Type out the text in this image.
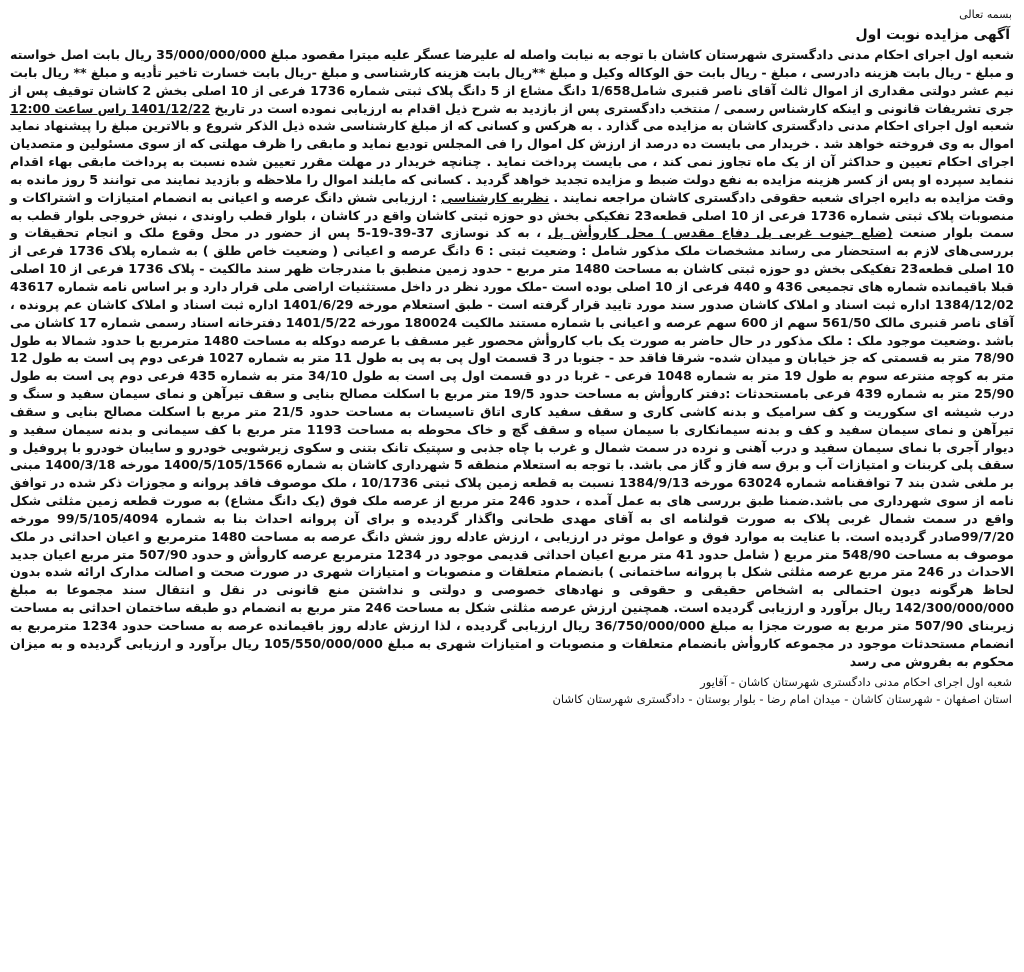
بسمه تعالی
آگهی مزایده نوبت اول
شعبه اول اجرای احکام مدنی دادگستری شهرستان کاشان با توجه به نیابت واصله له علیرضا عسگر علیه میترا مقصود مبلغ 35/000/000/000 ریال بابت اصل خواسته و مبلغ - ریال بابت هزینه دادرسی ، مبلغ - ریال بابت حق الوکاله وکیل و مبلغ **ریال بابت هزینه کارشناسی و مبلغ -ریال بابت خسارت تاخیر تأدیه و مبلغ ** ریال بابت نیم عشر دولتی مقداری از اموال ثالث آقای ناصر قنبری شامل1/658 دانگ مشاع از 5 دانگ پلاک ثبتی شماره 1736 فرعی از 10 اصلی بخش 2 کاشان توقیف پس از جری تشریفات قانونی و اینکه کارشناس رسمی / منتخب دادگستری پس از بازدید به شرح ذیل اقدام به ارزیابی نموده است در تاریخ 1401/12/22 راس ساعت 12:00 شعبه اول اجرای احکام مدنی دادگستری کاشان به مزایده می گذارد . به هرکس و کسانی که از مبلغ کارشناسی شده ذیل الذکر شروع و بالاترین مبلغ را پیشنهاد نماید اموال به وی فروخته خواهد شد . خریدار می بایست ده درصد از ارزش کل اموال را فی المجلس تودیع نماید و مابقی را ظرف مهلتی که از سوی مسئولین و متصدیان اجرای احکام تعیین و حداکثر آن از یک ماه تجاوز نمی کند ، می بایست پرداخت نماید . چنانچه خریدار در مهلت مقرر تعیین شده نسبت به پرداخت مابقی بهاء اقدام ننماید سپرده او پس از کسر هزینه مزایده به نفع دولت ضبط و مزایده تجدید خواهد گردید . کسانی که مایلند اموال را ملاحظه و بازدید نمایند می توانند 5 روز مانده به وقت مزایده به دایره اجرای شعبه حقوقی دادگستری کاشان مراجعه نمایند . نظریه کارشناسی : ارزیابی شش دانگ عرصه و اعیانی به انضمام امتیازات و اشتراکات و منصوبات پلاک ثبتی شماره 1736 فرعی از 10 اصلی قطعه23 تفکیکی بخش دو حوزه ثبتی کاشان واقع در کاشان ، بلوار قطب راوندی ، نبش خروجی بلوار قطب به سمت بلوار صنعت (ضلع جنوب غربی پل دفاع مقدس ) محل کاروأش پل ، به کد نوسازی 37-39-19-5 پس از حضور در محل وقوع ملک و انجام تحقیقات و بررسی‌های لازم به استحضار می رساند مشخصات ملک مذکور شامل : وضعیت ثبتی : 6 دانگ عرصه و اعیانی ( وضعیت خاص طلق ) به شماره پلاک 1736 فرعی از 10 اصلی قطعه23 تفکیکی بخش دو حوزه ثبتی کاشان به مساحت 1480 متر مربع - حدود زمین منطبق با مندرجات ظهر سند مالکیت - پلاک 1736 فرعی از 10 اصلی قبلا باقیمانده شماره های تجمیعی 436 و 440 فرعی از 10 اصلی بوده است -ملک مورد نظر در داخل مستثنیات اراضی ملی قرار دارد و بر اساس نامه شماره 43617 1384/12/02 اداره ثبت اسناد و املاک کاشان صدور سند مورد تایید قرار گرفته است - طبق استعلام مورخه 1401/6/29 اداره ثبت اسناد و املاک کاشان عم پرونده ، آقای ناصر قنبری مالک 561/50 سهم از 600 سهم عرصه و اعیانی با شماره مستند مالکیت 180024 مورخه 1401/5/22 دفترخانه اسناد رسمی شماره 17 کاشان می باشد .وضعیت موجود ملک : ملک مذکور در حال حاضر به صورت یک باب کاروأش محصور غیر مسقف با عرصه دوکله به مساحت 1480 مترمربع با حدود شمالا به طول 78/90 متر به قسمتی که جز خیابان و میدان شده- شرقا فاقد حد - جنوبا در 3 قسمت اول پی به پی به طول 11 متر به شماره 1027 فرعی دوم پی است به طول 12 متر به کوچه منترعه سوم به طول 19 متر به شماره 1048 فرعی - غربا در دو قسمت اول پی است به طول 34/10 متر به شماره 435 فرعی دوم پی است به طول 25/90 متر به شماره 439 فرعی بامستحدثات :دفتر کاروأش به مساحت حدود 19/5 متر مربع با اسکلت مصالح بنایی و سقف تیرآهن و نمای سیمان سفید و سنگ و درب شیشه ای سکوریت و کف سرامیک و بدنه کاشی کاری و سقف سفید کاری اتاق تاسیسات به مساحت حدود 21/5 متر مربع با اسکلت مصالح بنایی و سقف تیرآهن و نمای سیمان سفید و کف و بدنه سیمانکاری با سیمان سیاه و سقف گچ و خاک محوطه به مساحت 1193 متر مربع با کف سیمانی و بدنه سیمان سفید و دیوار آجری با نمای سیمان سفید و درب آهنی و نرده در سمت شمال و غرب با چاه جذبی و سپتیک تانک بتنی و سکوی زیرشویی خودرو و سایبان خودرو با پروفیل و سقف پلی کربنات و امتیازات آب و برق سه فاز و گاز می باشد. با توجه به استعلام منطقه 5 شهرداری کاشان به شماره 1400/5/105/1566 مورخه 1400/3/18 مبنی بر ملغی شدن بند 7 توافقنامه شماره 63024 مورخه 1384/9/13 نسبت به قطعه زمین پلاک ثبتی 10/1736 ، ملک موصوف فاقد پروانه و مجوزات ذکر شده در توافق نامه از سوی شهرداری می باشد.ضمنا طبق بررسی های به عمل آمده ، حدود 246 متر مربع از عرصه ملک فوق (یک دانگ مشاع) به صورت قطعه زمین مثلثی شکل واقع در سمت شمال غربی پلاک به صورت قولنامه ای به آقای مهدی طحانی واگذار گردیده و برای آن پروانه احداث بنا به شماره 99/5/105/4094 مورخه 99/7/20صادر گردیده است. با عنایت به موارد فوق و عوامل موثر در ارزیابی ، ارزش عادله روز شش دانگ عرصه به مساحت 1480 مترمربع و اعیان احداثی در ملک موصوف به مساحت 548/90 متر مربع ( شامل حدود 41 متر مربع اعیان احداثی قدیمی موجود در 1234 مترمربع عرصه کاروأش و حدود 507/90 متر مربع اعیان جدید الاحداث در 246 متر مربع عرصه مثلثی شکل با پروانه ساختمانی ) بانضمام متعلقات و منصوبات و امتیازات شهری در صورت صحت و اصالت مدارک ارائه شده بدون لحاظ هرگونه دیون احتمالی به اشخاص حقیقی و حقوقی و نهادهای خصوصی و دولتی و نداشتن منع قانونی در نقل و انتقال سند مجموعا به مبلغ 142/300/000/000 ریال برآورد و ارزیابی گردیده است. همچنین ارزش عرصه مثلثی شکل به مساحت 246 متر مربع به انضمام دو طبقه ساختمان احداثی به مساحت زیربنای 507/90 متر مربع به صورت مجزا به مبلغ 36/750/000/000 ریال ارزیابی گردیده ، لذا ارزش عادله روز باقیمانده عرصه به مساحت حدود 1234 مترمربع به انضمام مستحدثات موجود در مجموعه کاروأش بانضمام متعلقات و منصوبات و امتیازات شهری به مبلغ 105/550/000/000 ریال برآورد و ارزیابی گردیده و به میزان محکوم به بفروش می رسد
شعبه اول اجرای احکام مدنی دادگستری شهرستان کاشان - آقایور
استان اصفهان - شهرستان کاشان - میدان امام رضا - بلوار بوستان - دادگستری شهرستان کاشان
